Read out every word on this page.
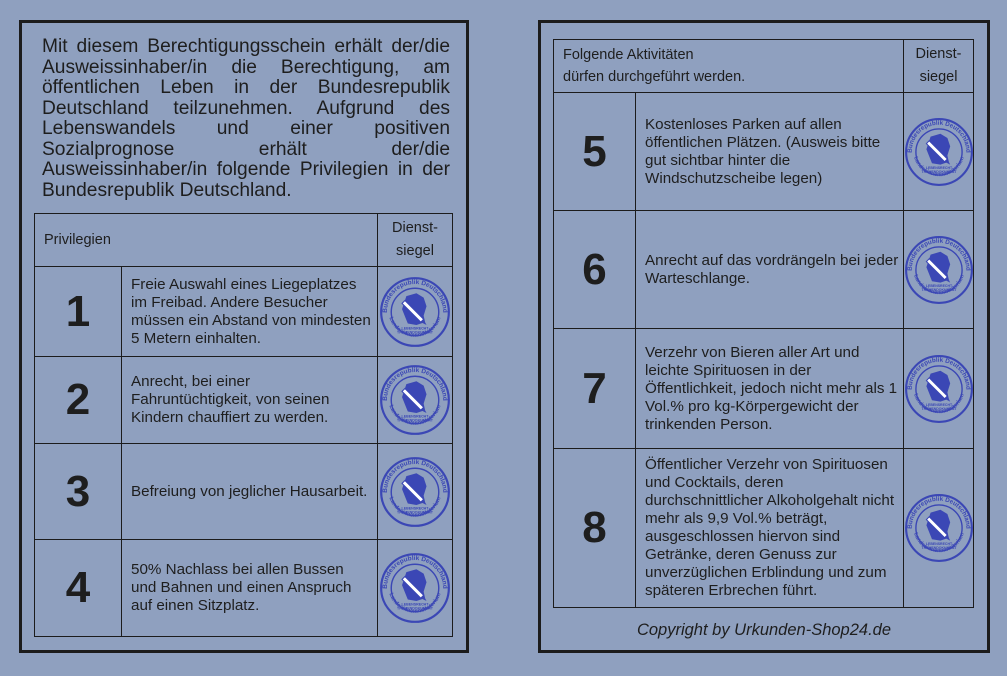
Mit diesem Berechtigungsschein erhält der/die Ausweissinhaber/in die Berechtigung, am öffentlichen Leben in der Bundesrepublik Deutschland teilzunehmen. Aufgrund des Lebenswandels und einer positiven Sozialprognose erhält der/die Ausweissinhaber/in folgende Privilegien in der Bundesrepublik Deutschland.

Privilegien		Dienst-
siegel
1	Freie Auswahl eines Liegeplatzes im Freibad. Andere Besucher müssen ein Abstand von mindesten 5 Metern einhalten.	

2	Anrecht, bei einer Fahruntüchtigkeit, von seinen Kindern chauffiert zu werden.	

3	Befreiung von jeglicher Hausarbeit.	

4	50% Nachlass bei allen Bussen und Bahnen und einen Anspruch auf einen Sitzplatz.	
Folgende Aktivitäten
dürfen durchgeführt werden.		Dienst-
siegel
5	Kostenloses Parken auf allen öffentlichen Plätzen. (Ausweis bitte gut sichtbar hinter die Windschutzscheibe legen)	

6	Anrecht auf das vordrängeln bei jeder Warteschlange.	

7	Verzehr von Bieren aller Art und leichte Spirituosen in der Öffentlichkeit, jedoch nicht mehr als 1 Vol.% pro kg-Körpergewicht der trinkenden Person.	

8	Öffentlicher Verzehr von Spirituosen und Cocktails, deren durchschnittlicher Alkoholgehalt nicht mehr als 9,9 Vol.% beträgt, ausgeschlossen hiervon sind Getränke, deren Genuss zur unverzüglichen Erblindung und zum späteren Erbrechen führt.	
Copyright by Urkunden-Shop24.de
